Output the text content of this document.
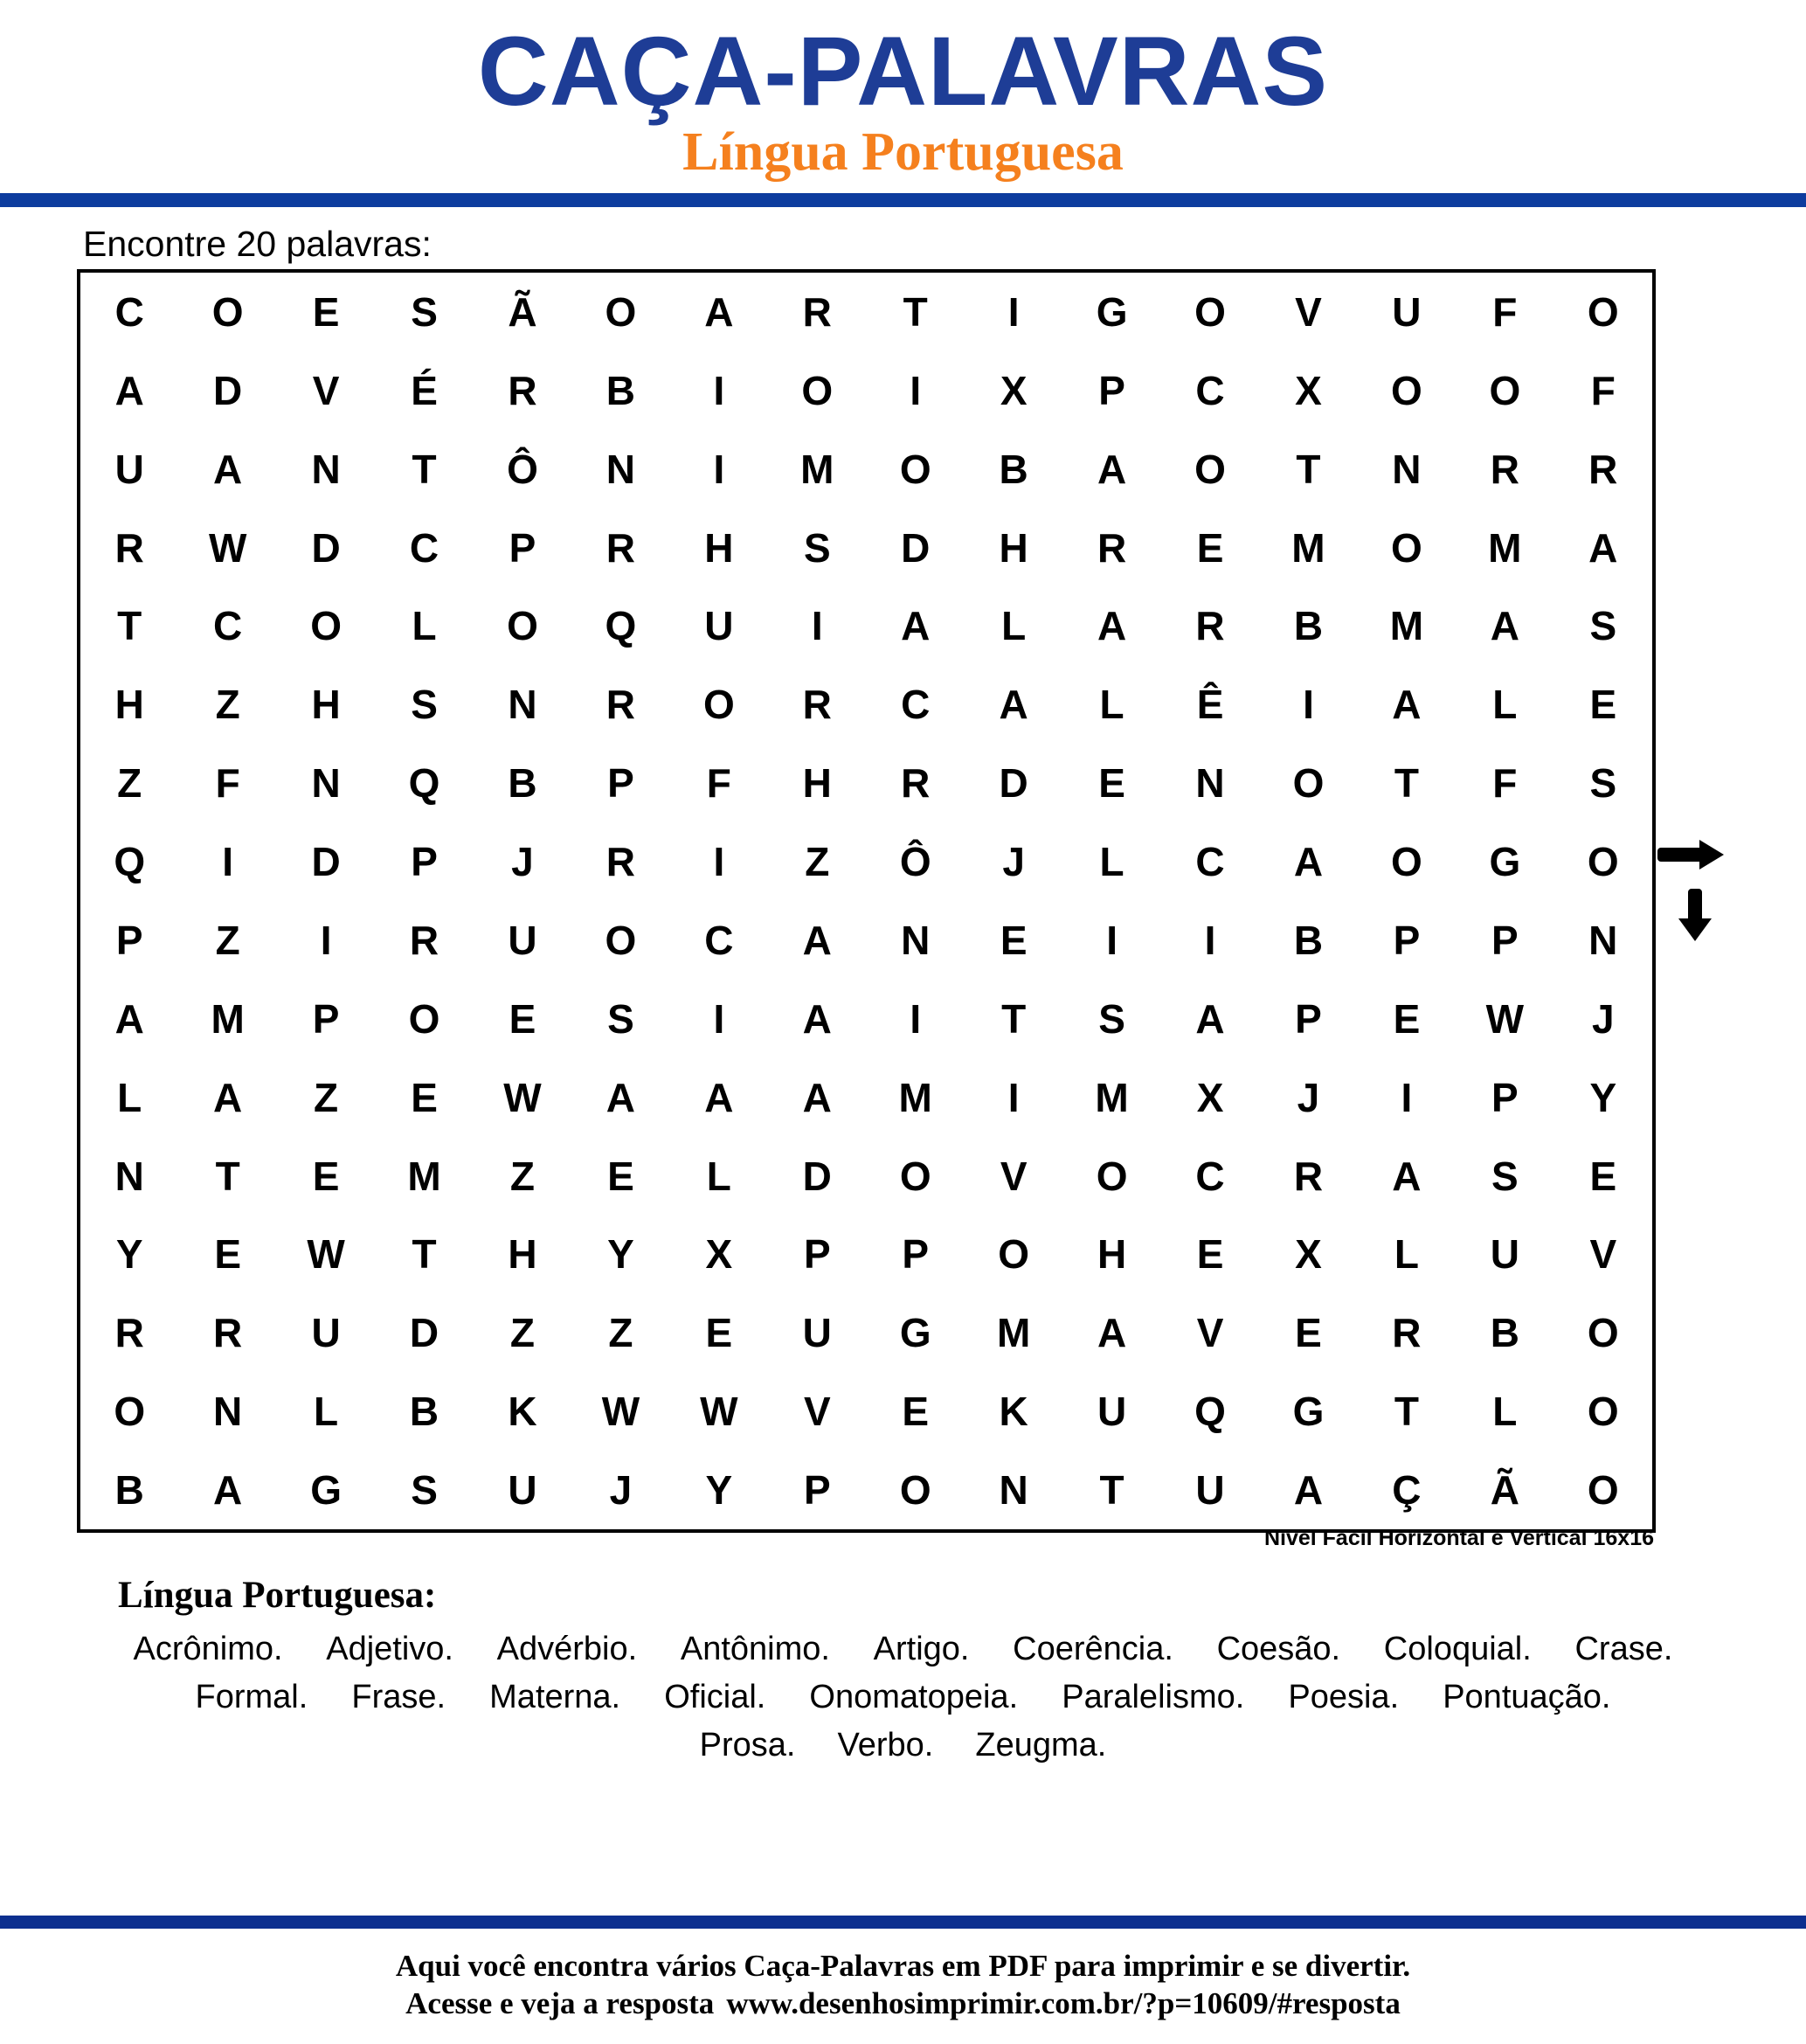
CAÇA-PALAVRAS
Língua Portuguesa
Encontre 20 palavras:
C	O	E	S	Ã	O	A	R	T	I	G	O	V	U	F	O
A	D	V	É	R	B	I	O	I	X	P	C	X	O	O	F
U	A	N	T	Ô	N	I	M	O	B	A	O	T	N	R	R
R	W	D	C	P	R	H	S	D	H	R	E	M	O	M	A
T	C	O	L	O	Q	U	I	A	L	A	R	B	M	A	S
H	Z	H	S	N	R	O	R	C	A	L	Ê	I	A	L	E
Z	F	N	Q	B	P	F	H	R	D	E	N	O	T	F	S
Q	I	D	P	J	R	I	Z	Ô	J	L	C	A	O	G	O
P	Z	I	R	U	O	C	A	N	E	I	I	B	P	P	N
A	M	P	O	E	S	I	A	I	T	S	A	P	E	W	J
L	A	Z	E	W	A	A	A	M	I	M	X	J	I	P	Y
N	T	E	M	Z	E	L	D	O	V	O	C	R	A	S	E
Y	E	W	T	H	Y	X	P	P	O	H	E	X	L	U	V
R	R	U	D	Z	Z	E	U	G	M	A	V	E	R	B	O
O	N	L	B	K	W	W	V	E	K	U	Q	G	T	L	O
B	A	G	S	U	J	Y	P	O	N	T	U	A	Ç	Ã	O
Nível Fácil Horizontal e Vertical 16x16
Língua Portuguesa:
Acrônimo. Adjetivo. Advérbio. Antônimo. Artigo. Coerência. Coesão. Coloquial. Crase.
Formal. Frase. Materna. Oficial. Onomatopeia. Paralelismo. Poesia. Pontuação.
Prosa. Verbo. Zeugma.
Aqui você encontra vários Caça-Palavras em PDF para imprimir e se divertir.
Acesse e veja a resposta www.desenhosimprimir.com.br/?p=10609/#resposta
